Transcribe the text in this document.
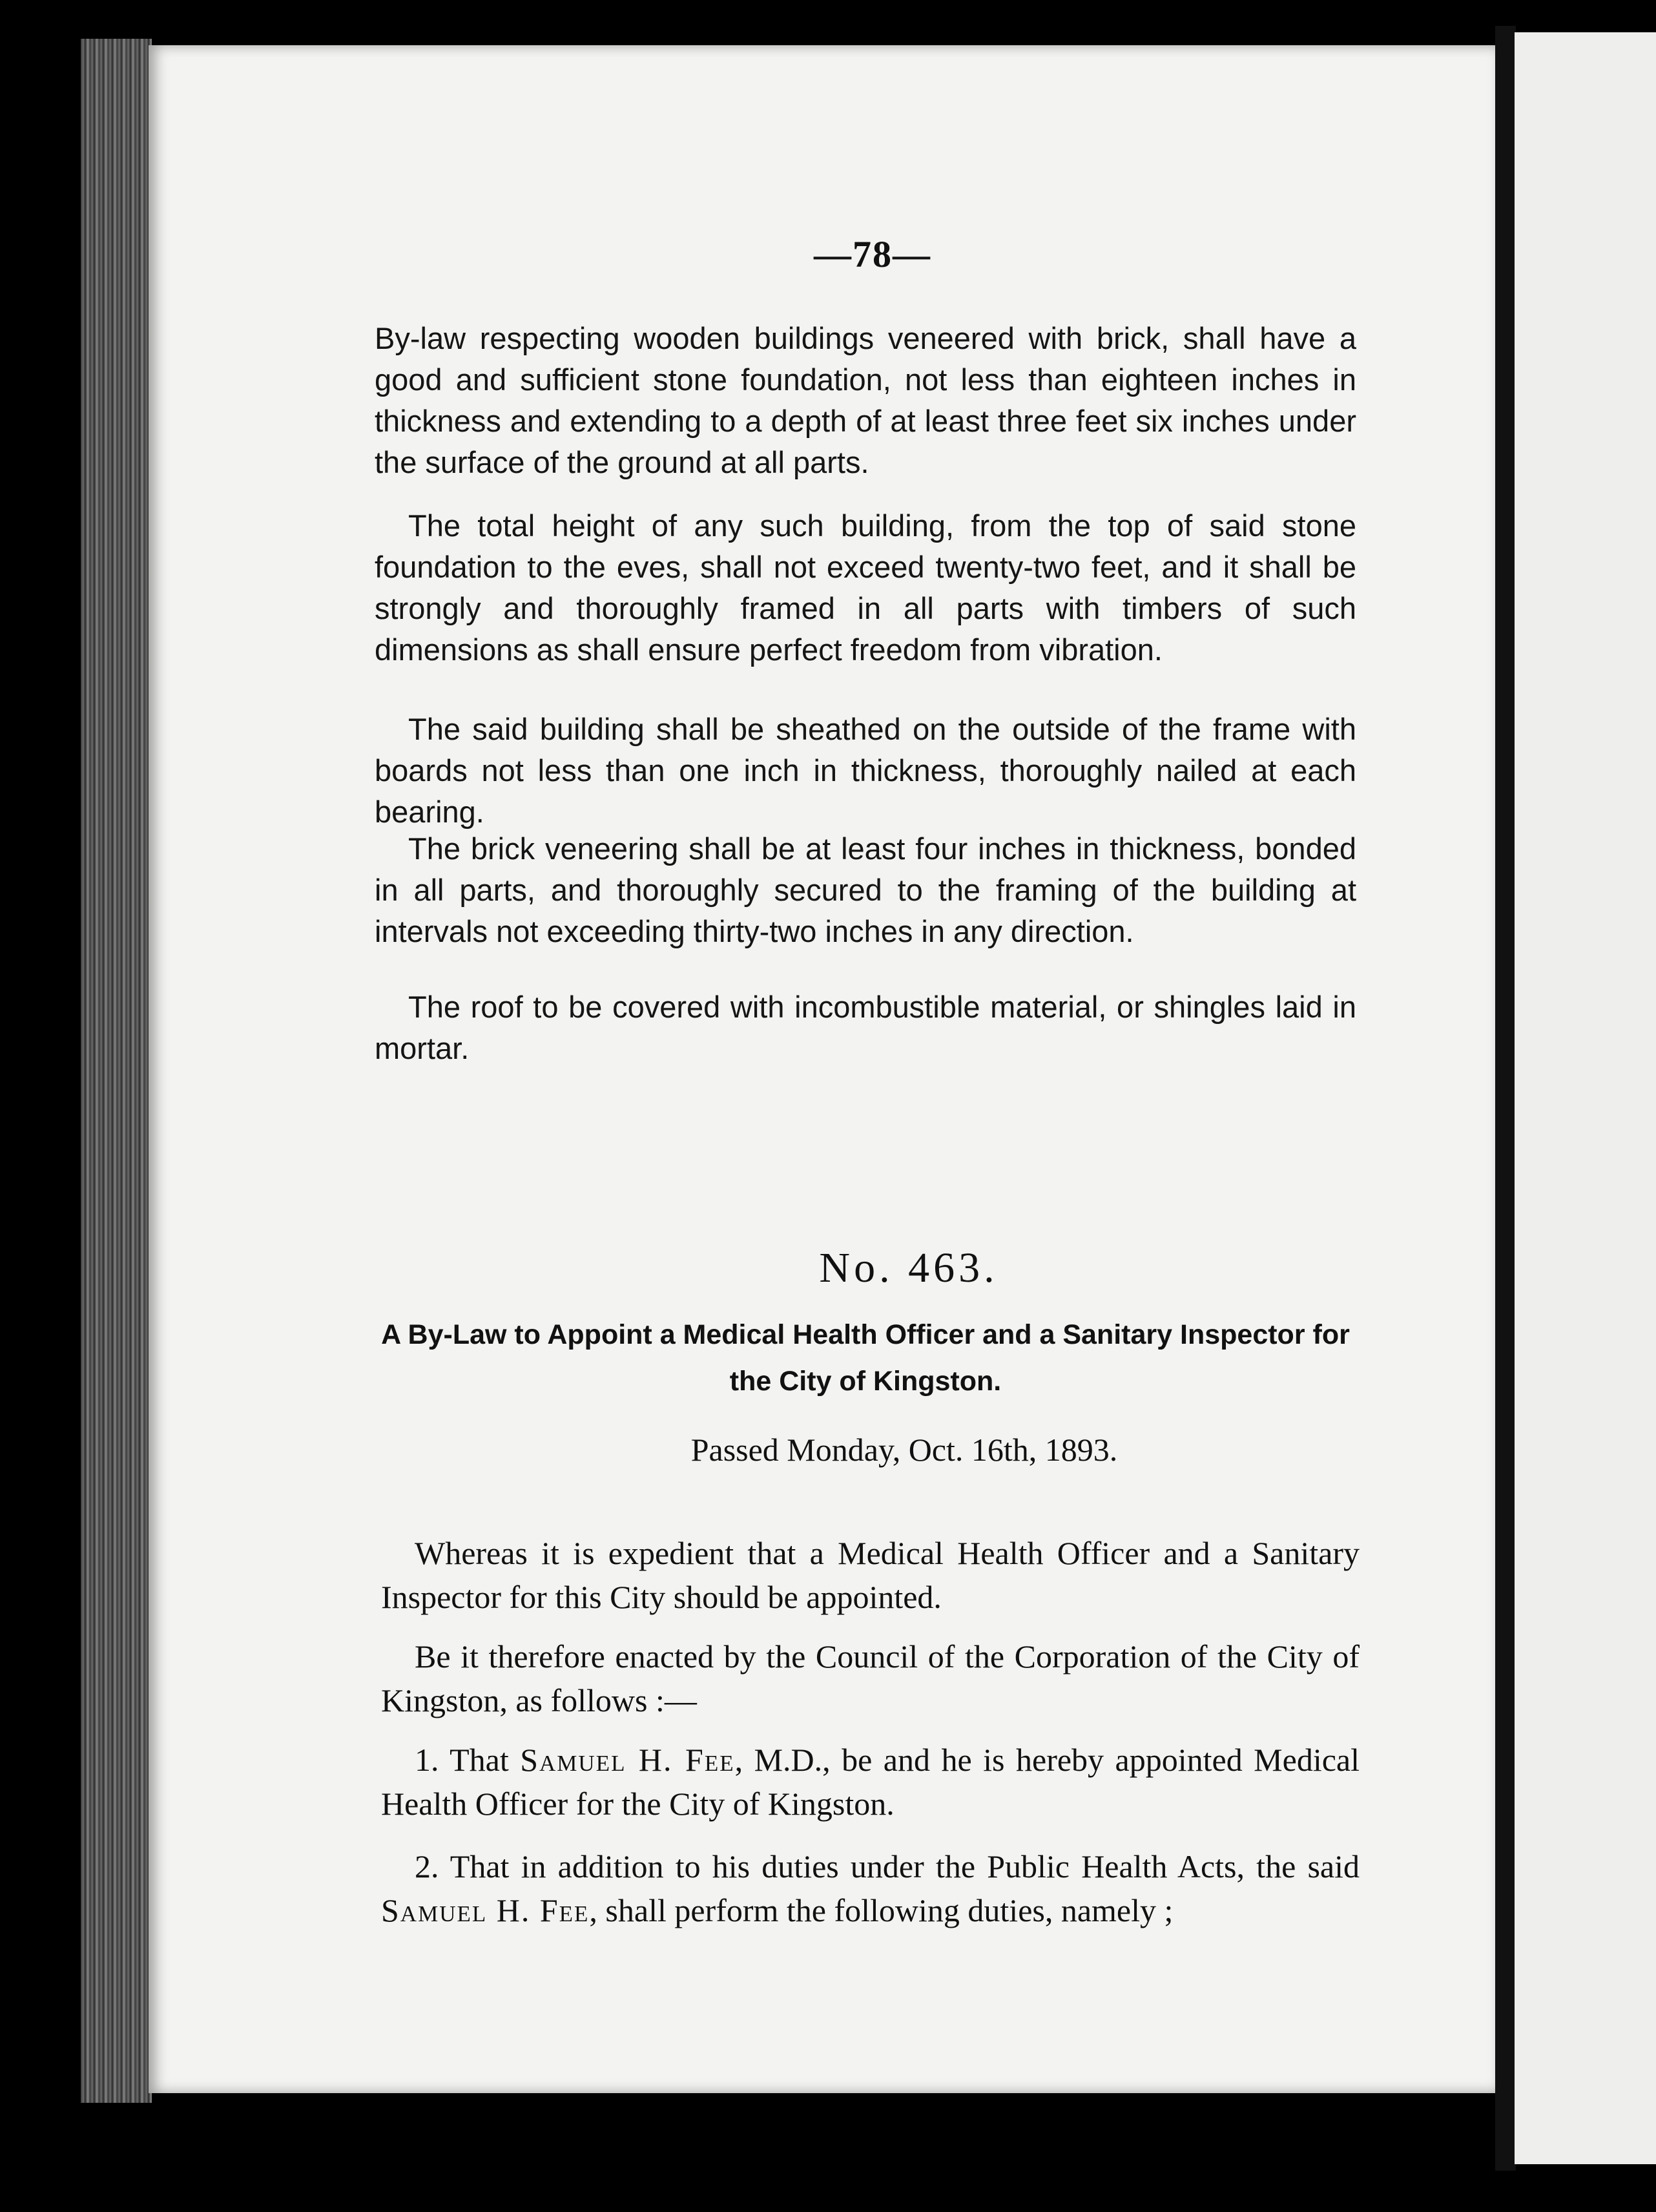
—78—

By-law respecting wooden buildings veneered with brick, shall have a good and sufficient stone foundation, not less than eighteen inches in thickness and extending to a depth of at least three feet six inches under the surface of the ground at all parts.

The total height of any such building, from the top of said stone foundation to the eves, shall not exceed twenty-two feet, and it shall be strongly and thoroughly framed in all parts with timbers of such dimensions as shall ensure perfect freedom from vibration.

The said building shall be sheathed on the outside of the frame with boards not less than one inch in thickness, thoroughly nailed at each bearing.

The brick veneering shall be at least four inches in thickness, bonded in all parts, and thoroughly secured to the framing of the building at intervals not exceeding thirty-two inches in any direction.

The roof to be covered with incombustible material, or shingles laid in mortar.

No. 463.
A By-Law to Appoint a Medical Health Officer and a Sanitary Inspector for the City of Kingston.
Passed Monday, Oct. 16th, 1893.

Whereas it is expedient that a Medical Health Officer and a Sanitary Inspector for this City should be appointed.

Be it therefore enacted by the Council of the Corporation of the City of Kingston, as follows :—

1. That Samuel H. Fee, M.D., be and he is hereby appointed Medical Health Officer for the City of Kingston.

2. That in addition to his duties under the Public Health Acts, the said Samuel H. Fee, shall perform the following duties, namely ;
